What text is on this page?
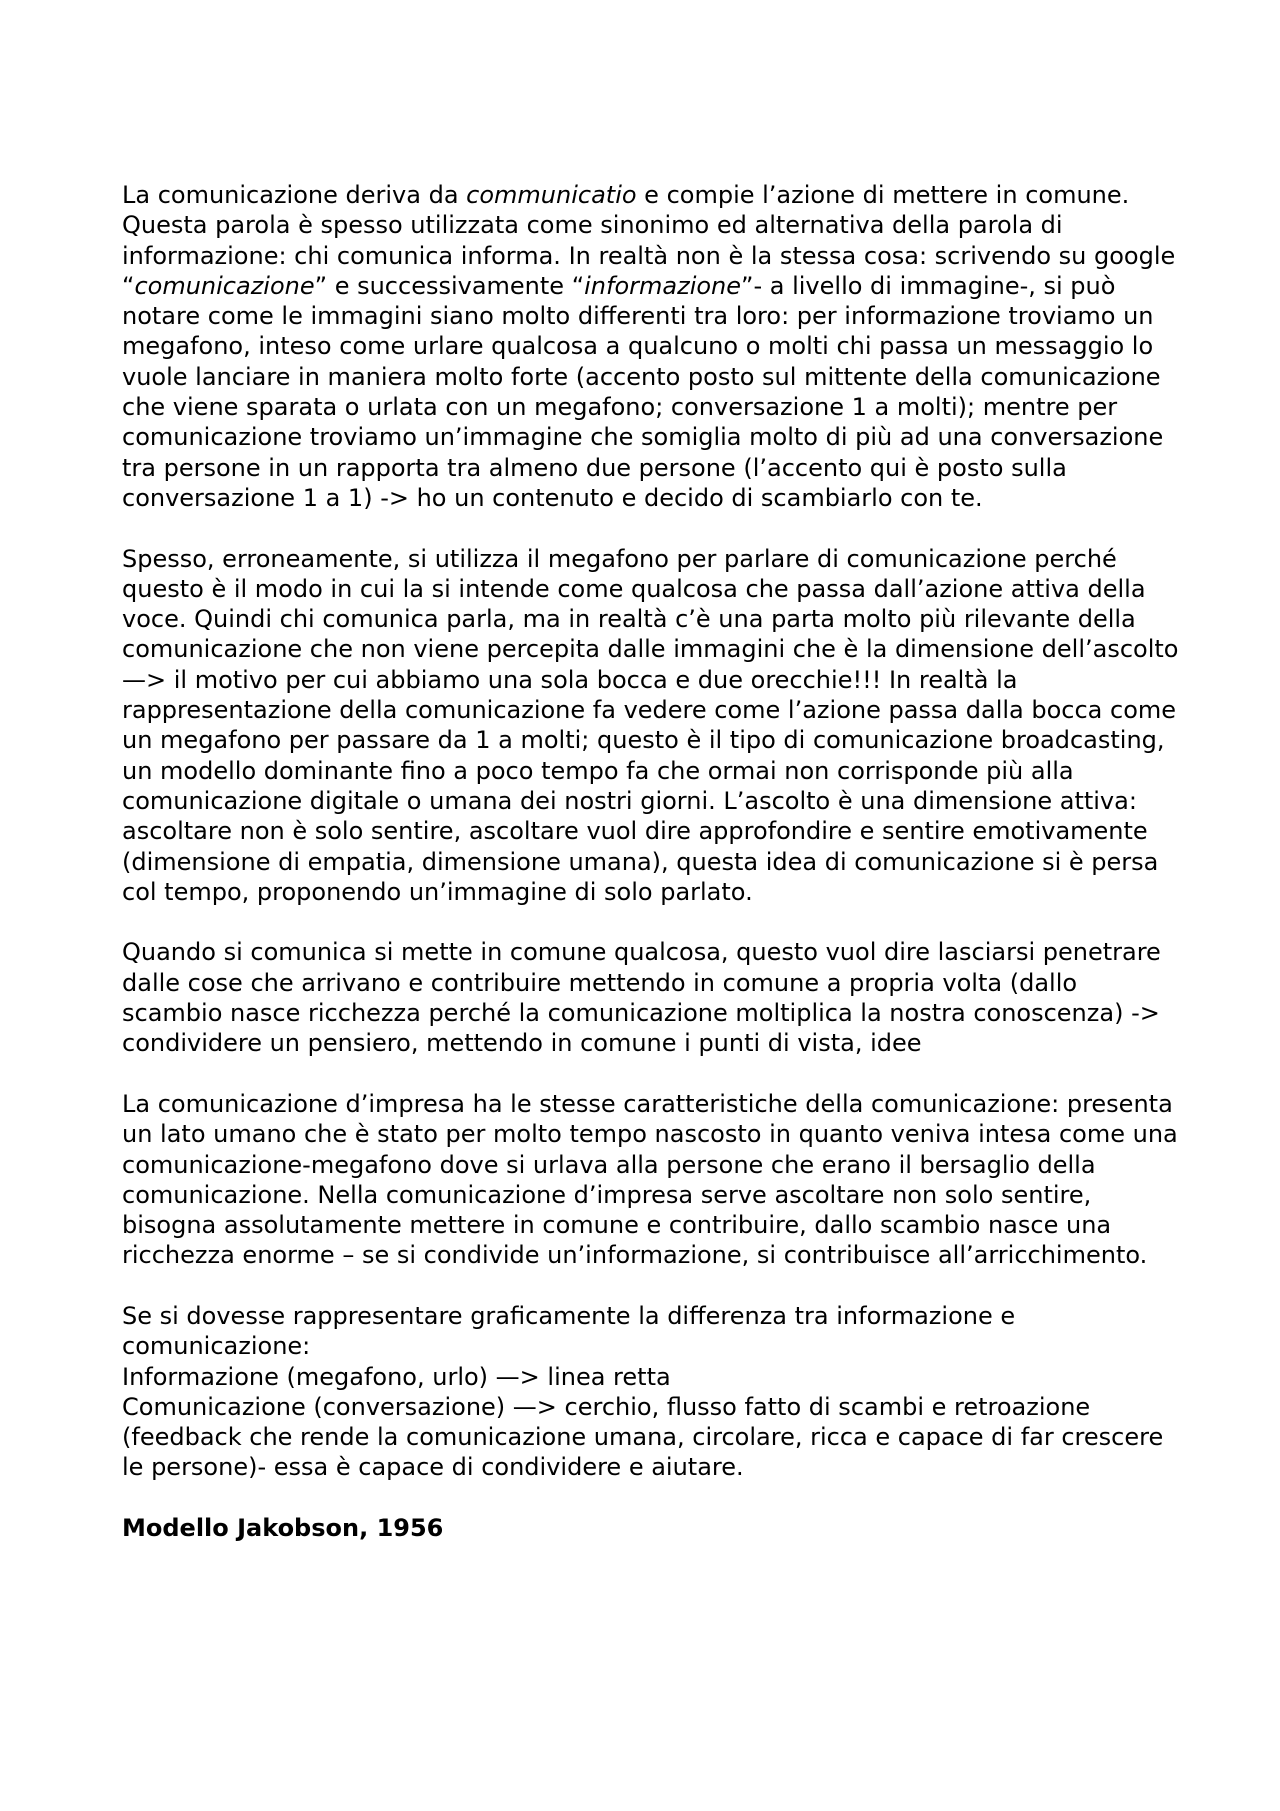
La comunicazione deriva da communicatio e compie l’azione di mettere in comune. Questa parola è spesso utilizzata come sinonimo ed alternativa della parola di informazione: chi comunica informa. In realtà non è la stessa cosa: scrivendo su google “comunicazione” e successivamente “informazione”- a livello di immagine-, si può notare come le immagini siano molto differenti tra loro: per informazione troviamo un megafono, inteso come urlare qualcosa a qualcuno o molti chi passa un messaggio lo vuole lanciare in maniera molto forte (accento posto sul mittente della comunicazione che viene sparata o urlata con un megafono; conversazione 1 a molti); mentre per comunicazione troviamo un’immagine che somiglia molto di più ad una conversazione tra persone in un rapporta tra almeno due persone (l’accento qui è posto sulla conversazione 1 a 1) -> ho un contenuto e decido di scambiarlo con te.

Spesso, erroneamente, si utilizza il megafono per parlare di comunicazione perché questo è il modo in cui la si intende come qualcosa che passa dall’azione attiva della voce. Quindi chi comunica parla, ma in realtà c’è una parta molto più rilevante della comunicazione che non viene percepita dalle immagini che è la dimensione dell’ascolto —> il motivo per cui abbiamo una sola bocca e due orecchie!!! In realtà la rappresentazione della comunicazione fa vedere come l’azione passa dalla bocca come un megafono per passare da 1 a molti; questo è il tipo di comunicazione broadcasting, un modello dominante fino a poco tempo fa che ormai non corrisponde più alla comunicazione digitale o umana dei nostri giorni. L’ascolto è una dimensione attiva: ascoltare non è solo sentire, ascoltare vuol dire approfondire e sentire emotivamente (dimensione di empatia, dimensione umana), questa idea di comunicazione si è persa col tempo, proponendo un’immagine di solo parlato.

Quando si comunica si mette in comune qualcosa, questo vuol dire lasciarsi penetrare dalle cose che arrivano e contribuire mettendo in comune a propria volta (dallo scambio nasce ricchezza perché la comunicazione moltiplica la nostra conoscenza) -> condividere un pensiero, mettendo in comune i punti di vista, idee

La comunicazione d’impresa ha le stesse caratteristiche della comunicazione: presenta un lato umano che è stato per molto tempo nascosto in quanto veniva intesa come una comunicazione-megafono dove si urlava alla persone che erano il bersaglio della comunicazione. Nella comunicazione d’impresa serve ascoltare non solo sentire, bisogna assolutamente mettere in comune e contribuire, dallo scambio nasce una ricchezza enorme – se si condivide un’informazione, si contribuisce all’arricchimento.

Se si dovesse rappresentare graficamente la differenza tra informazione e comunicazione:
Informazione (megafono, urlo) —> linea retta
Comunicazione (conversazione) —> cerchio, flusso fatto di scambi e retroazione (feedback che rende la comunicazione umana, circolare, ricca e capace di far crescere le persone)- essa è capace di condividere e aiutare.

Modello Jakobson, 1956
